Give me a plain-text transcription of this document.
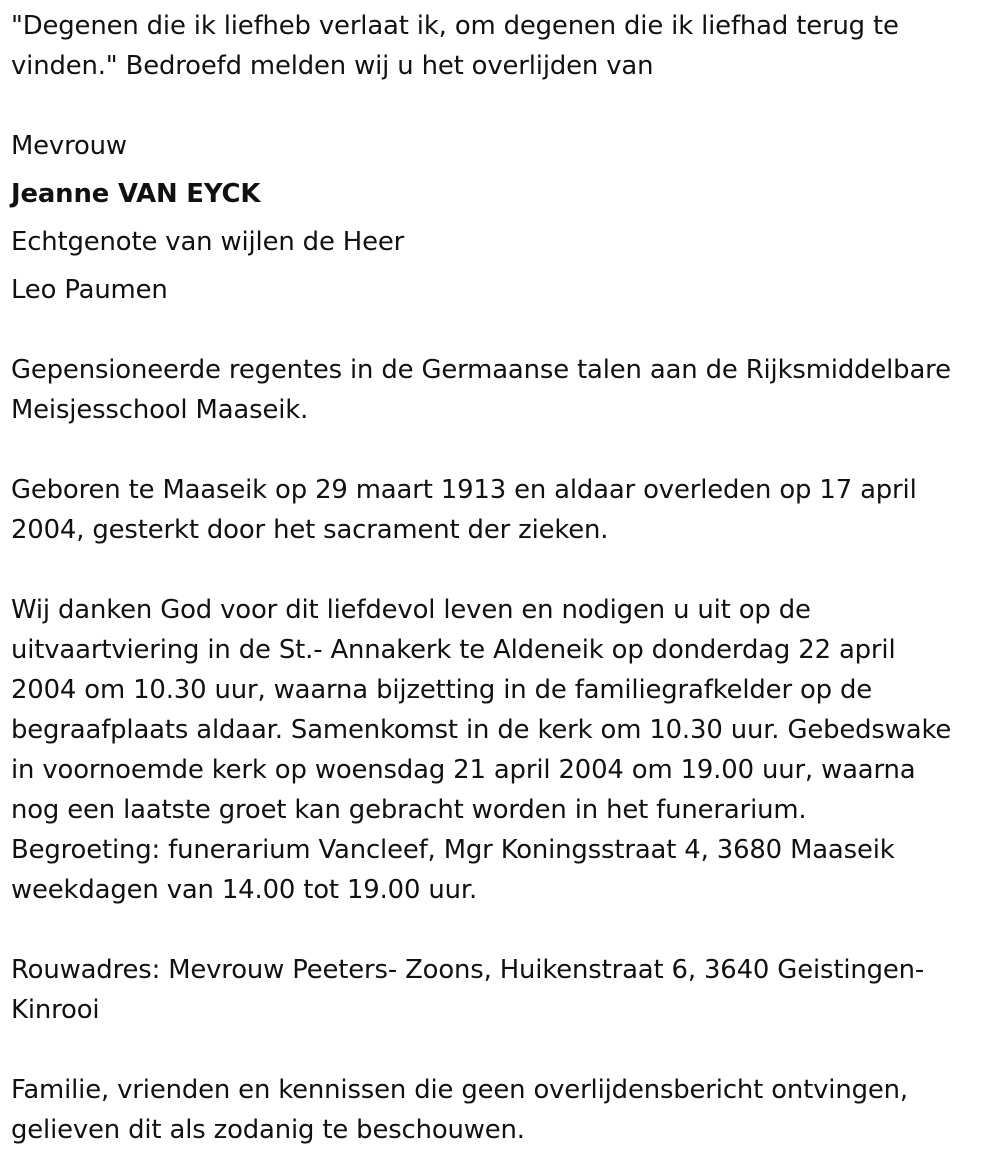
"Degenen die ik liefheb verlaat ik, om degenen die ik liefhad terug te
vinden." Bedroefd melden wij u het overlijden van
Mevrouw
Jeanne VAN EYCK
Echtgenote van wijlen de Heer
Leo Paumen
Gepensioneerde regentes in de Germaanse talen aan de Rijksmiddelbare
Meisjesschool Maaseik.
Geboren te Maaseik op 29 maart 1913 en aldaar overleden op 17 april
2004, gesterkt door het sacrament der zieken.
Wij danken God voor dit liefdevol leven en nodigen u uit op de
uitvaartviering in de St.- Annakerk te Aldeneik op donderdag 22 april
2004 om 10.30 uur, waarna bijzetting in de familiegrafkelder op de
begraafplaats aldaar. Samenkomst in de kerk om 10.30 uur. Gebedswake
in voornoemde kerk op woensdag 21 april 2004 om 19.00 uur, waarna
nog een laatste groet kan gebracht worden in het funerarium.
Begroeting: funerarium Vancleef, Mgr Koningsstraat 4, 3680 Maaseik
weekdagen van 14.00 tot 19.00 uur.
Rouwadres: Mevrouw Peeters- Zoons, Huikenstraat 6, 3640 Geistingen-
Kinrooi
Familie, vrienden en kennissen die geen overlijdensbericht ontvingen,
gelieven dit als zodanig te beschouwen.
